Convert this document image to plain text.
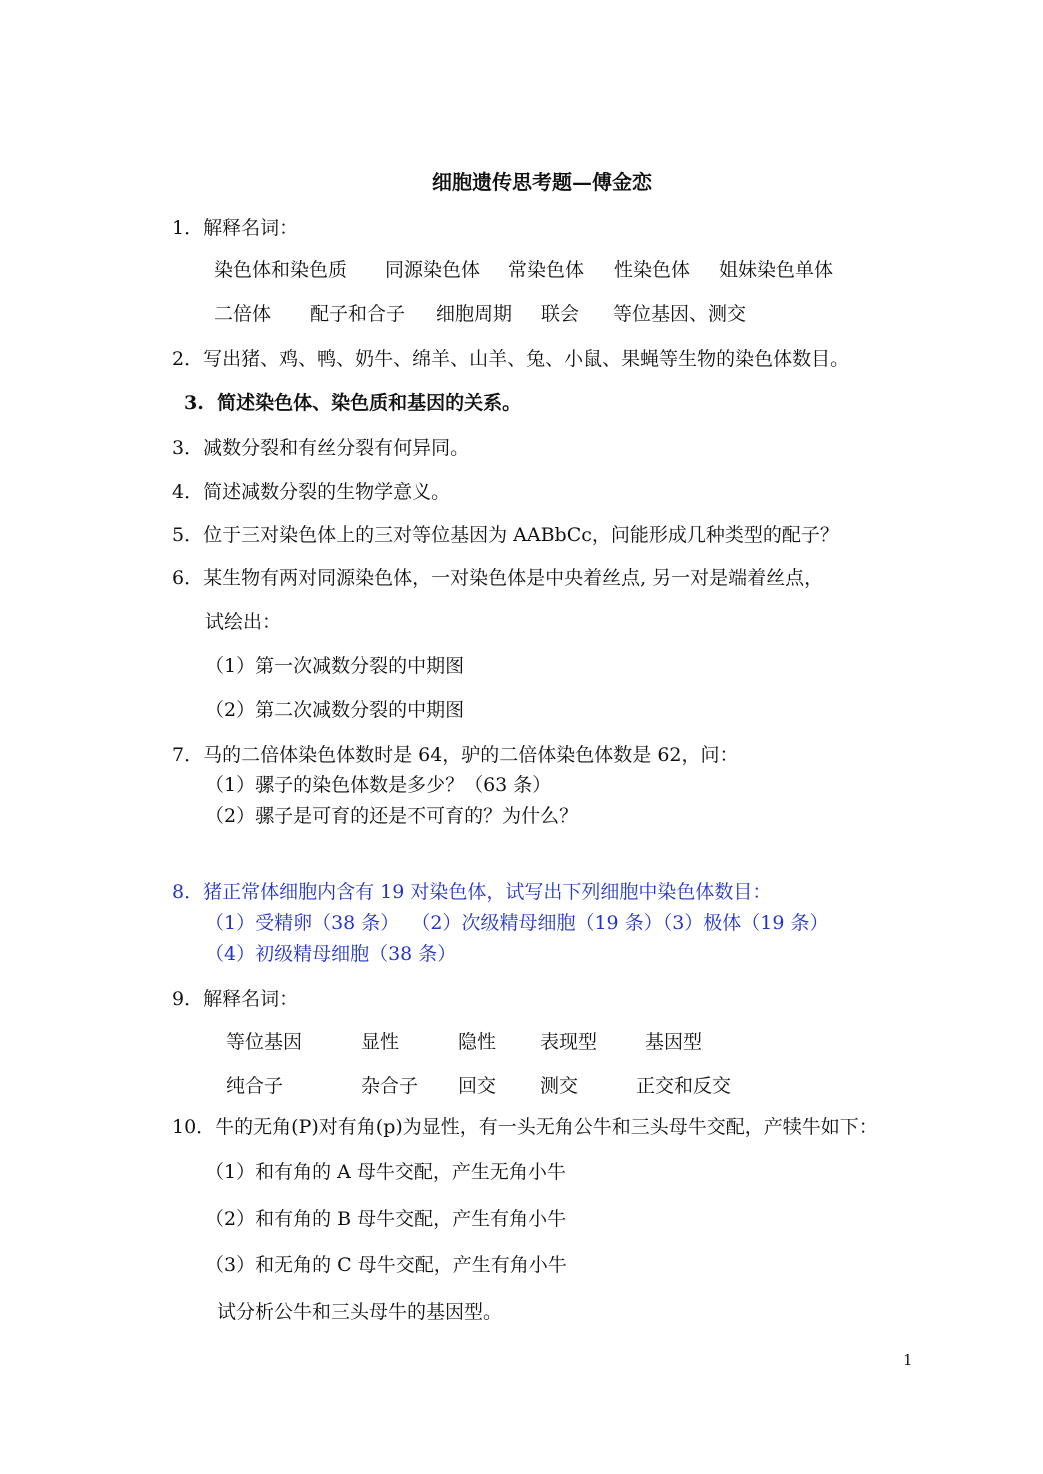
细胞遗传思考题—傅金恋
1．解释名词：
染色体和染色质 同源染色体 常染色体 性染色体 姐妹染色单体
二倍体 配子和合子 细胞周期 联会 等位基因、测交
2．写出猪、鸡、鸭、奶牛、绵羊、山羊、兔、小鼠、果蝇等生物的染色体数目。
3.  简述染色体、染色质和基因的关系。
3．减数分裂和有丝分裂有何异同。
4．简述减数分裂的生物学意义。
5．位于三对染色体上的三对等位基因为 AABbCc，问能形成几种类型的配子？
6．某生物有两对同源染色体，一对染色体是中央着丝点, 另一对是端着丝点，
试绘出：
（1）第一次减数分裂的中期图
（2）第二次减数分裂的中期图
7．马的二倍体染色体数时是 64，驴的二倍体染色体数是 62，问：
（1）骡子的染色体数是多少？（63 条）
（2）骡子是可育的还是不可育的？为什么？
8．猪正常体细胞内含有 19 对染色体，试写出下列细胞中染色体数目：
（1）受精卵（38 条）  （2）次级精母细胞（19 条）（3）极体（19 条）
（4）初级精母细胞（38 条）
9．解释名词：
等位基因	显性	隐性 表现型	基因型
纯合子	杂合子 回交 测交	正交和反交
10．牛的无角(P)对有角(p)为显性，有一头无角公牛和三头母牛交配，产犊牛如下：
（1）和有角的 A 母牛交配，产生无角小牛
（2）和有角的 B 母牛交配，产生有角小牛
（3）和无角的 C 母牛交配，产生有角小牛
试分析公牛和三头母牛的基因型。
1
